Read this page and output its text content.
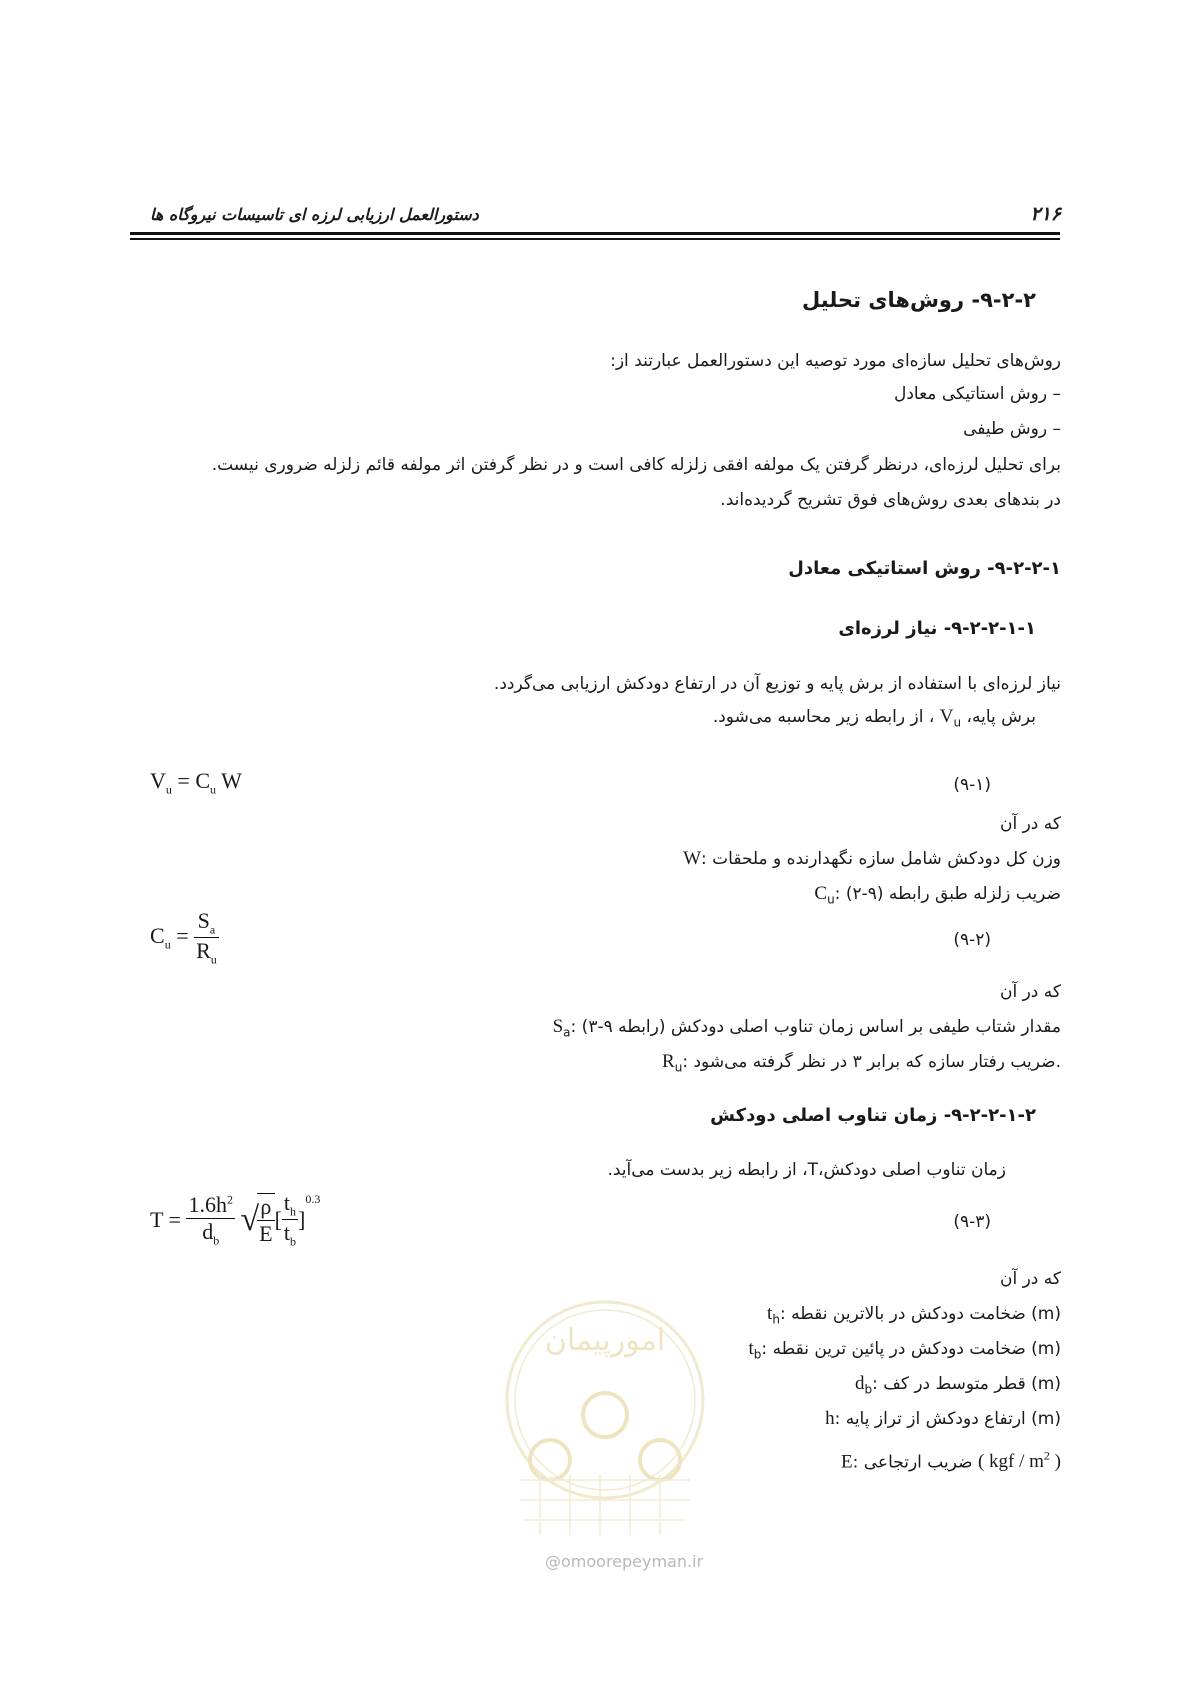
۲۱۶
دستورالعمل ارزیابی لرزه ای تاسیسات نیروگاه ها
۹-۲-۲- روش‌های تحلیل
روش‌های تحلیل سازه‌ای مورد توصیه این دستورالعمل عبارتند از:
– روش استاتیکی معادل
– روش طیفی
برای تحلیل لرزه‌ای، درنظر گرفتن یک مولفه افقی زلزله کافی است و در نظر گرفتن اثر مولفه قائم زلزله ضروری نیست.
در بندهای بعدی روش‌های فوق تشریح گردیده‌اند.
۹-۲-۲-۱- روش استاتیکی معادل
۹-۲-۲-۱-۱- نیاز لرزه‌ای
نیاز لرزه‌ای با استفاده از برش پایه و توزیع آن در ارتفاع دودکش ارزیابی می‌گردد.
برش پایه، $V_u$ ، از رابطه زیر محاسبه می‌شود.
$V_u = C_u$ W	(۹-۱)
که در آن
W: وزن کل دودکش شامل سازه نگهدارنده و ملحقات
$C_u$: ضریب زلزله طبق رابطه (۹-۲)
$C_u = \frac{S_a}{R_u}$	(۹-۲)
که در آن
$S_a$: مقدار شتاب طیفی بر اساس زمان تناوب اصلی دودکش (رابطه ۹-۳)
$R_u$: ضریب رفتار سازه که برابر ۳ در نظر گرفته می‌شود.
۹-۲-۲-۱-۲- زمان تناوب اصلی دودکش
زمان تناوب اصلی دودکش،T، از رابطه زیر بدست می‌آید.
$T = \frac{1.6h^2}{d_b}$ √
$\frac{\rho}{E}$ [ $\frac{t_h}{t_b} ]^{0.3}$
(۹-۳)
که در آن
$t_h$: ضخامت دودکش در بالاترین نقطه (m)
$t_b$: ضخامت دودکش در پائین ترین نقطه (m)
$d_b$: قطر متوسط در کف (m)
h: ارتفاع دودکش از تراز پایه (m)
E: ضریب ارتجاعی ( kgf / $m^2$ )
امورپیمان
@omoorepeyman.ir
